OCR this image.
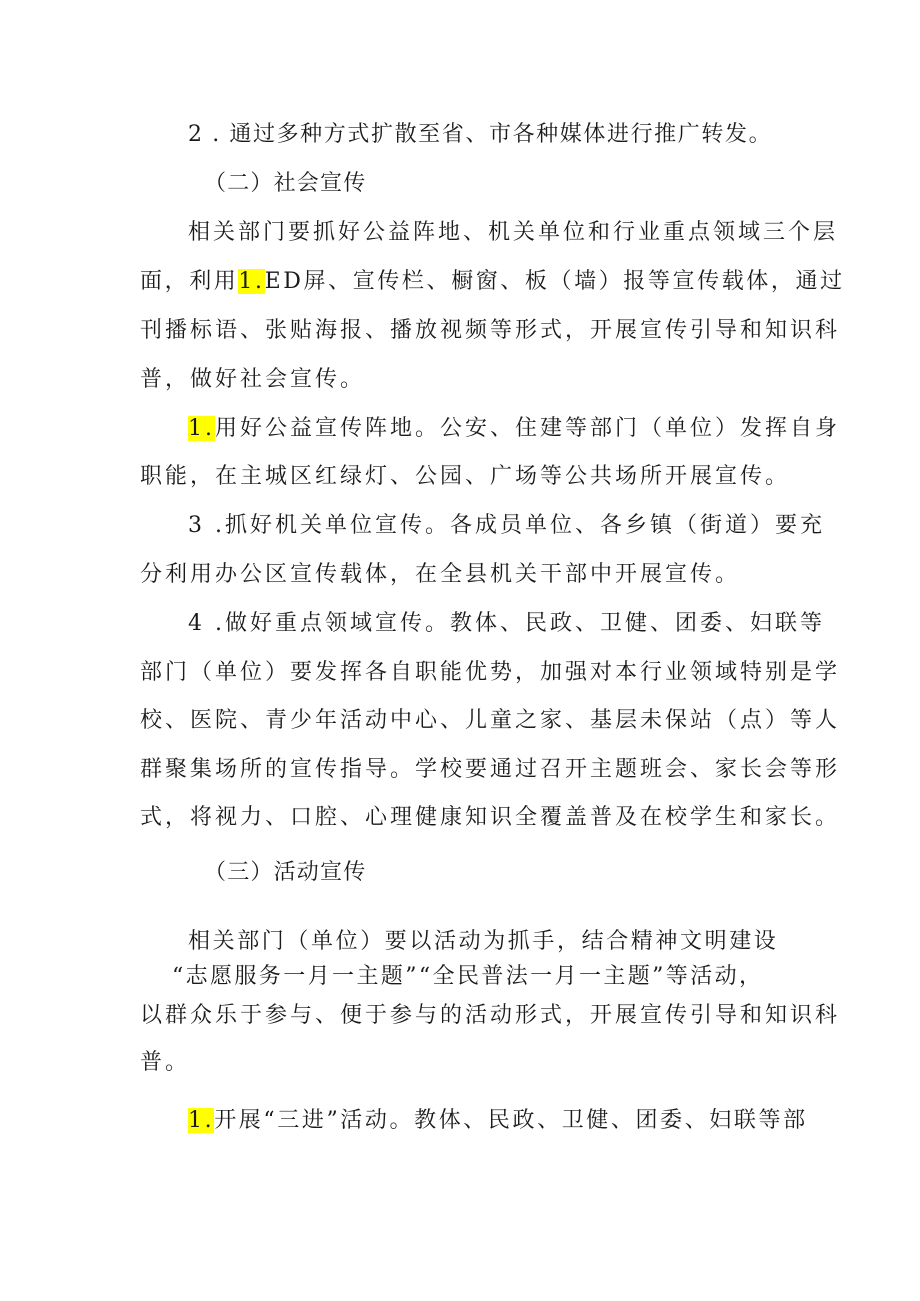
2 . 通过多种方式扩散至省、市各种媒体进行推广转发。
（二）社会宣传
相关部门要抓好公益阵地、机关单位和行业重点领域三个层
面，利用1.ED屏、宣传栏、橱窗、板（墙）报等宣传载体，通过
刊播标语、张贴海报、播放视频等形式，开展宣传引导和知识科
普，做好社会宣传。
1.用好公益宣传阵地。公安、住建等部门（单位）发挥自身
职能，在主城区红绿灯、公园、广场等公共场所开展宣传。
3 .抓好机关单位宣传。各成员单位、各乡镇（街道）要充
分利用办公区宣传载体，在全县机关干部中开展宣传。
4 .做好重点领域宣传。教体、民政、卫健、团委、妇联等
部门（单位）要发挥各自职能优势，加强对本行业领域特别是学
校、医院、青少年活动中心、儿童之家、基层未保站（点）等人
群聚集场所的宣传指导。学校要通过召开主题班会、家长会等形
式，将视力、口腔、心理健康知识全覆盖普及在校学生和家长。
（三）活动宣传
相关部门（单位）要以活动为抓手，结合精神文明建设
“志愿服务一月一主题”“全民普法一月一主题”等活动，
以群众乐于参与、便于参与的活动形式，开展宣传引导和知识科
普。
1.开展“三进”活动。教体、民政、卫健、团委、妇联等部
